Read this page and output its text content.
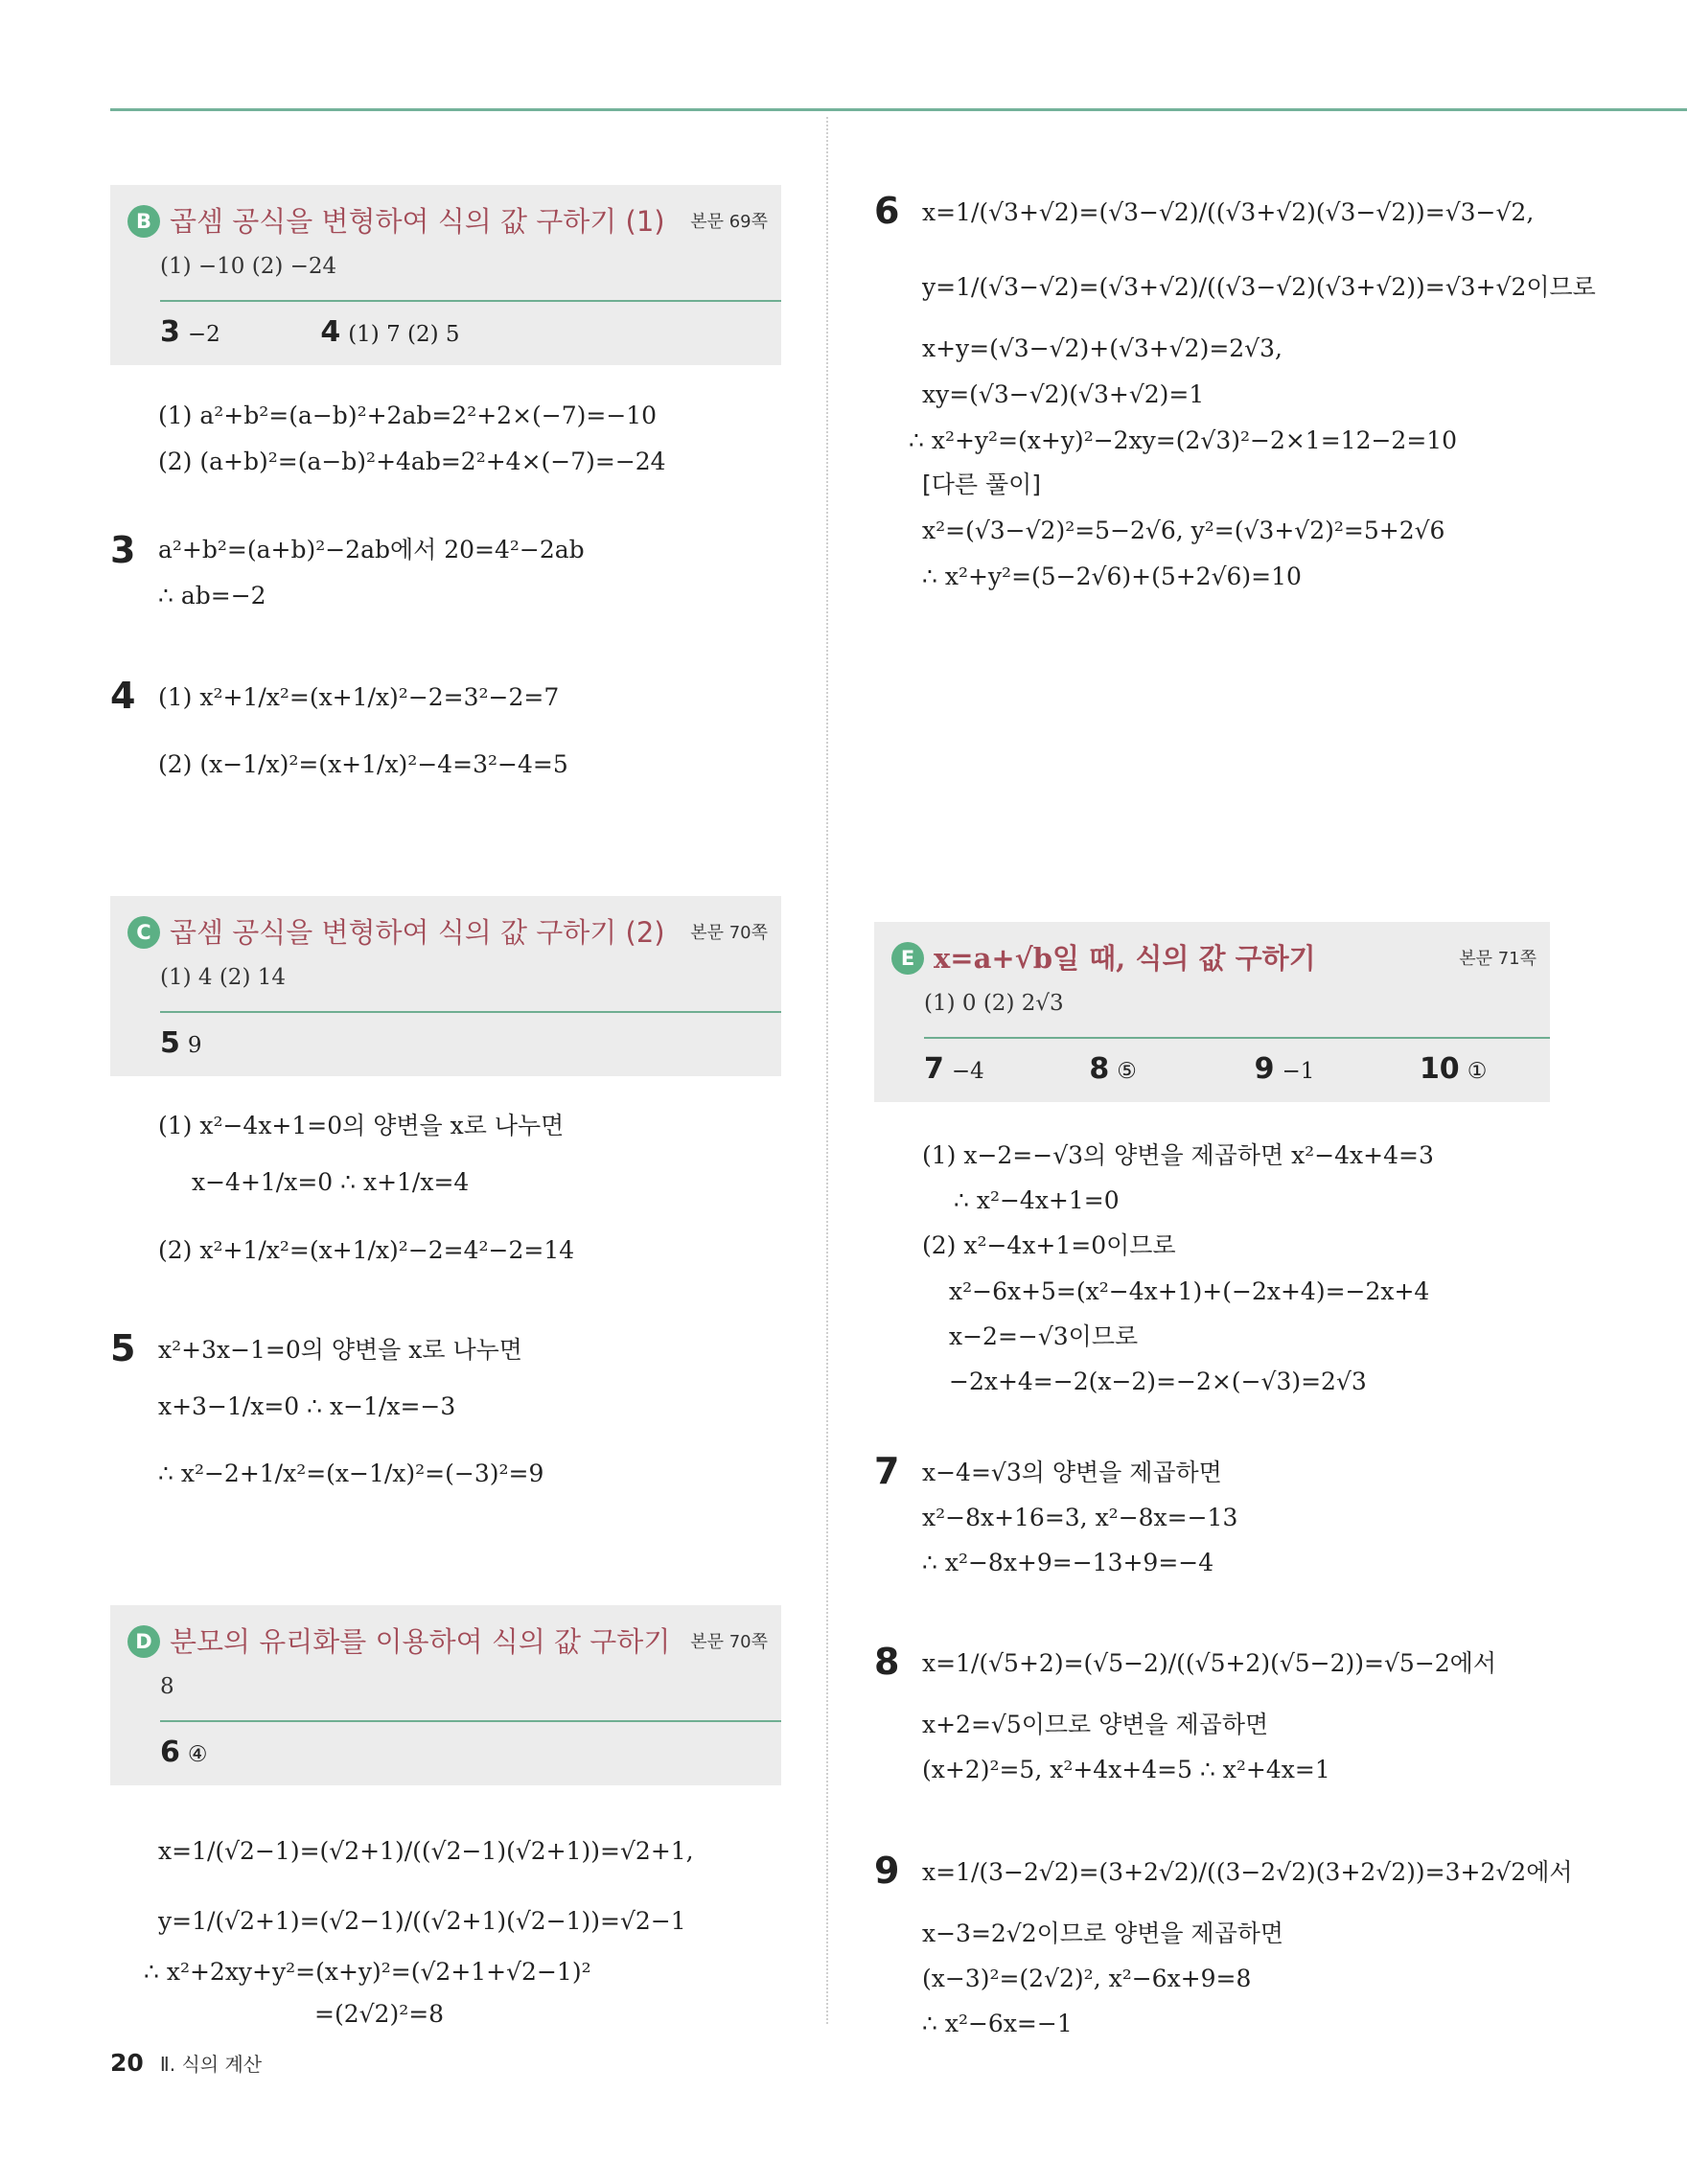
B 곱셈 공식을 변형하여 식의 값 구하기 (1) 본문 69쪽
(1) −10 (2) −24
3 −2	4 (1) 7 (2) 5
(1) a²+b²=(a−b)²+2ab=2²+2×(−7)=−10
(2) (a+b)²=(a−b)²+4ab=2²+4×(−7)=−24
3 a²+b²=(a+b)²−2ab에서 20=4²−2ab
∴ ab=−2
4 (1) x²+1/x²=(x+1/x)²−2=3²−2=7
(2) (x−1/x)²=(x+1/x)²−4=3²−4=5
C 곱셈 공식을 변형하여 식의 값 구하기 (2) 본문 70쪽
(1) 4 (2) 14
5 9
(1) x²−4x+1=0의 양변을 x로 나누면
x−4+1/x=0 ∴ x+1/x=4
(2) x²+1/x²=(x+1/x)²−2=4²−2=14
5 x²+3x−1=0의 양변을 x로 나누면
x+3−1/x=0 ∴ x−1/x=−3
∴ x²−2+1/x²=(x−1/x)²=(−3)²=9
D 분모의 유리화를 이용하여 식의 값 구하기 본문 70쪽
8
6 ④
x=1/(√2−1)=(√2+1)/((√2−1)(√2+1))=√2+1,
y=1/(√2+1)=(√2−1)/((√2+1)(√2−1))=√2−1
∴ x²+2xy+y²=(x+y)²=(√2+1+√2−1)²
=(2√2)²=8
20 Ⅱ. 식의 계산
6 x=1/(√3+√2)=(√3−√2)/((√3+√2)(√3−√2))=√3−√2,
y=1/(√3−√2)=(√3+√2)/((√3−√2)(√3+√2))=√3+√2이므로
x+y=(√3−√2)+(√3+√2)=2√3,
xy=(√3−√2)(√3+√2)=1
∴ x²+y²=(x+y)²−2xy=(2√3)²−2×1=12−2=10
[다른 풀이]
x²=(√3−√2)²=5−2√6, y²=(√3+√2)²=5+2√6
∴ x²+y²=(5−2√6)+(5+2√6)=10
E x=a+√b일 때, 식의 값 구하기	본문 71쪽
(1) 0 (2) 2√3
7 −4	8 ⑤	9 −1	10 ①
(1) x−2=−√3의 양변을 제곱하면 x²−4x+4=3
∴ x²−4x+1=0
(2) x²−4x+1=0이므로
x²−6x+5=(x²−4x+1)+(−2x+4)=−2x+4
x−2=−√3이므로
−2x+4=−2(x−2)=−2×(−√3)=2√3
7 x−4=√3의 양변을 제곱하면
x²−8x+16=3, x²−8x=−13
∴ x²−8x+9=−13+9=−4
8 x=1/(√5+2)=(√5−2)/((√5+2)(√5−2))=√5−2에서
x+2=√5이므로 양변을 제곱하면
(x+2)²=5, x²+4x+4=5 ∴ x²+4x=1
9 x=1/(3−2√2)=(3+2√2)/((3−2√2)(3+2√2))=3+2√2에서
x−3=2√2이므로 양변을 제곱하면
(x−3)²=(2√2)², x²−6x+9=8
∴ x²−6x=−1
